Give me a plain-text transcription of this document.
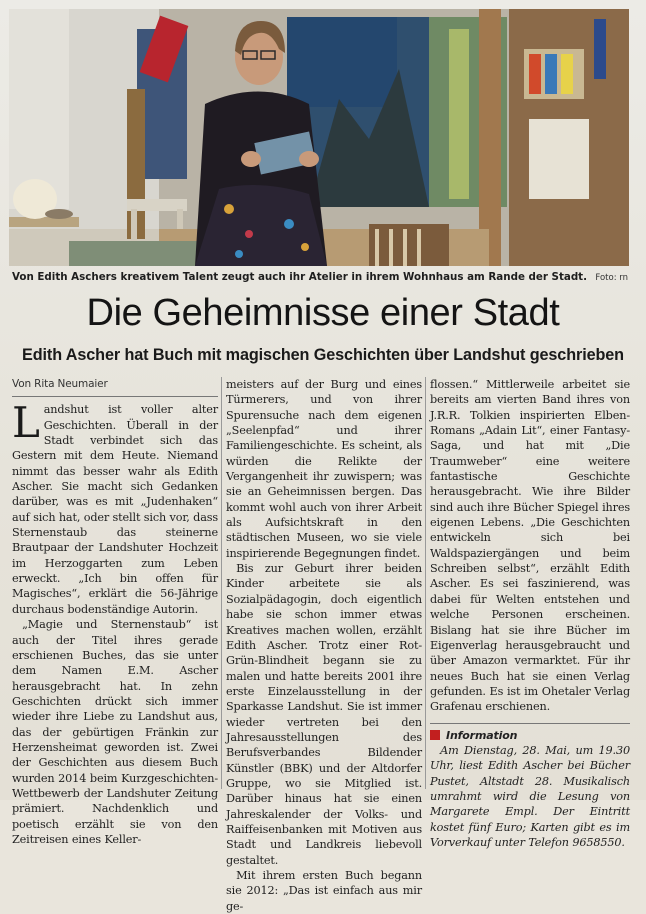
Von Edith Aschers kreativem Talent zeugt auch ihr Atelier in ihrem Wohnhaus am Rande der Stadt. Foto: rn
Die Geheimnisse einer Stadt
Edith Ascher hat Buch mit magischen Geschichten über Landshut geschrieben
Von Rita Neumaier

Landshut ist voller alter Geschichten. Überall in der Stadt verbindet sich das Gestern mit dem Heute. Niemand nimmt das besser wahr als Edith Ascher. Sie macht sich Gedanken darüber, was es mit „Judenhaken“ auf sich hat, oder stellt sich vor, dass Sternenstaub das steinerne Brautpaar der Landshuter Hochzeit im Herzoggarten zum Leben erweckt. „Ich bin offen für Magisches“, erklärt die 56-Jährige durchaus bodenständige Autorin.

„Magie und Sternenstaub“ ist auch der Titel ihres gerade erschienen Buches, das sie unter dem Namen E.M. Ascher herausgebracht hat. In zehn Geschichten drückt sich immer wieder ihre Liebe zu Landshut aus, das der gebürtigen Fränkin zur Herzensheimat geworden ist. Zwei der Geschichten aus diesem Buch wurden 2014 beim Kurzgeschichten-Wettbewerb der Landshuter Zeitung prämiert. Nachdenklich und poetisch erzählt sie von den Zeitreisen eines Keller-

meisters auf der Burg und eines Türmerers, und von ihrer Spurensuche nach dem eigenen „Seelenpfad“ und ihrer Familiengeschichte. Es scheint, als würden die Relikte der Vergangenheit ihr zuwispern; was sie an Geheimnissen bergen. Das kommt wohl auch von ihrer Arbeit als Aufsichtskraft in den städtischen Museen, wo sie viele inspirierende Begegnungen findet.

Bis zur Geburt ihrer beiden Kinder arbeitete sie als Sozialpädagogin, doch eigentlich habe sie schon immer etwas Kreatives machen wollen, erzählt Edith Ascher. Trotz einer Rot-Grün-Blindheit begann sie zu malen und hatte bereits 2001 ihre erste Einzelausstellung in der Sparkasse Landshut. Sie ist immer wieder vertreten bei den Jahresausstellungen des Berufsverbandes Bildender Künstler (BBK) und der Altdorfer Gruppe, wo sie Mitglied ist. Darüber hinaus hat sie einen Jahreskalender der Volks- und Raiffeisenbanken mit Motiven aus Stadt und Landkreis liebevoll gestaltet.

Mit ihrem ersten Buch begann sie 2012: „Das ist einfach aus mir ge-

flossen.“ Mittlerweile arbeitet sie bereits am vierten Band ihres von J.R.R. Tolkien inspirierten Elben-Romans „Adain Lit“, einer Fantasy-Saga, und hat mit „Die Traumweber“ eine weitere fantastische Geschichte herausgebracht. Wie ihre Bilder sind auch ihre Bücher Spiegel ihres eigenen Lebens. „Die Geschichten entwickeln sich bei Waldspaziergängen und beim Schreiben selbst“, erzählt Edith Ascher. Es sei faszinierend, was dabei für Welten entstehen und welche Personen erscheinen. Bislang hat sie ihre Bücher im Eigenverlag herausgebraucht und über Amazon vermarktet. Für ihr neues Buch hat sie einen Verlag gefunden. Es ist im Ohetaler Verlag Grafenau erschienen.

Information

Am Dienstag, 28. Mai, um 19.30 Uhr, liest Edith Ascher bei Bücher Pustet, Altstadt 28. Musikalisch umrahmt wird die Lesung von Margarete Empl. Der Eintritt kostet fünf Euro; Karten gibt es im Vorverkauf unter Telefon 9658550.
